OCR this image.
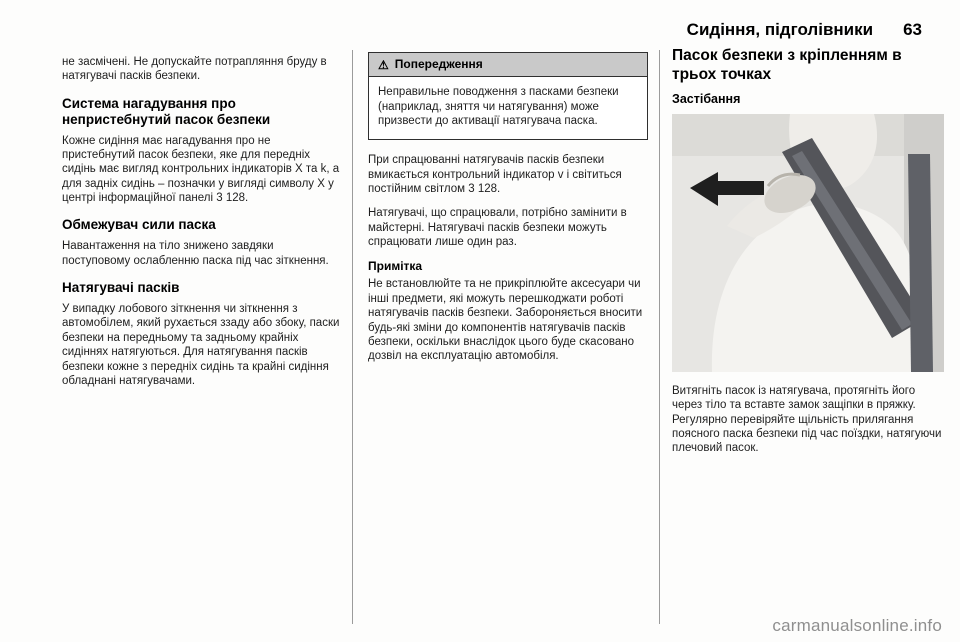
Сидіння, підголівники 63

не засмічені. Не допускайте потрапляння бруду в натягувачі пасків безпеки.

Система нагадування про непристебнутий пасок безпеки

Кожне сидіння має нагадування про не пристебнутий пасок безпеки, яке для передніх сидінь має вигляд контрольних індикаторів X та k, а для задніх сидінь – позначки у вигляді символу X у центрі інформаційної панелі 3 128.

Обмежувач сили паска

Навантаження на тіло знижено завдяки поступовому ослабленню паска під час зіткнення.

Натягувачі пасків

У випадку лобового зіткнення чи зіткнення з автомобілем, який рухається ззаду або збоку, паски безпеки на передньому та задньому крайніх сидіннях натягуються. Для натягування пасків безпеки кожне з передніх сидінь та крайні сидіння обладнані натягувачами.

⚠ Попередження
Неправильне поводження з пасками безпеки (наприклад, зняття чи натягування) може призвести до активації натягувача паска.

При спрацюванні натягувачів пасків безпеки вмикається контрольний індикатор v і світиться постійним світлом 3 128.

Натягувачі, що спрацювали, потрібно замінити в майстерні. Натягувачі пасків безпеки можуть спрацювати лише один раз.

Примітка

Не встановлюйте та не прикріплюйте аксесуари чи інші предмети, які можуть перешкоджати роботі натягувачів пасків безпеки. Забороняється вносити будь-які зміни до компонентів натягувачів пасків безпеки, оскільки внаслідок цього буде скасовано дозвіл на експлуатацію автомобіля.

Пасок безпеки з кріпленням в трьох точках
Застібання

Витягніть пасок із натягувача, протягніть його через тіло та вставте замок защіпки в пряжку. Регулярно перевіряйте щільність прилягання поясного паска безпеки під час поїздки, натягуючи плечовий пасок.

carmanualsonline.info
